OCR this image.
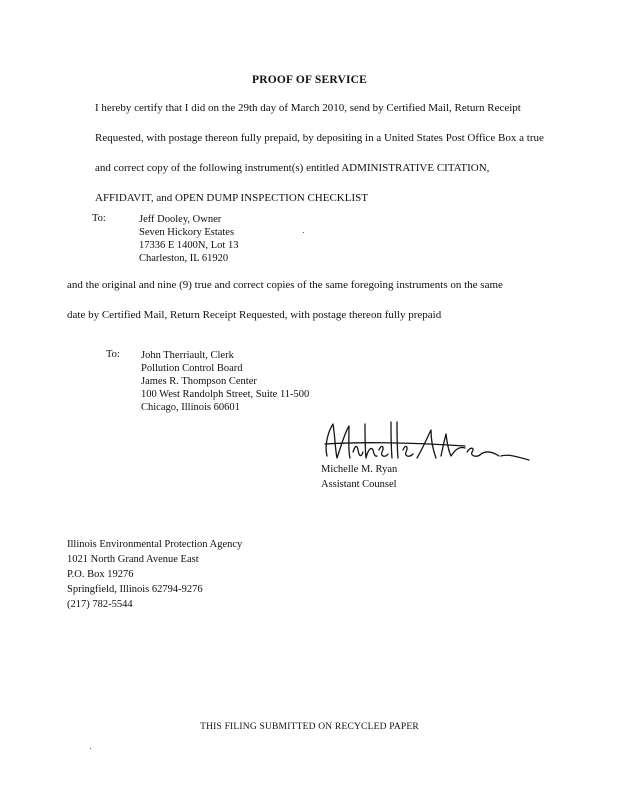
PROOF OF SERVICE
I hereby certify that I did on the 29th day of March 2010, send by Certified Mail, Return Receipt
Requested, with postage thereon fully prepaid, by depositing in a United States Post Office Box a true
and correct copy of the following instrument(s) entitled ADMINISTRATIVE CITATION,
AFFIDAVIT, and OPEN DUMP INSPECTION CHECKLIST
To:	Jeff Dooley, Owner
Seven Hickory Estates
17336 E 1400N, Lot 13
Charleston, IL 61920
and the original and nine (9) true and correct copies of the same foregoing instruments on the same
date by Certified Mail, Return Receipt Requested, with postage thereon fully prepaid
To: John Therriault, Clerk
Pollution Control Board
James R. Thompson Center
100 West Randolph Street, Suite 11-500
Chicago, Illinois 60601
Michelle M. Ryan
Assistant Counsel
Illinois Environmental Protection Agency
1021 North Grand Avenue East
P.O. Box 19276
Springfield, Illinois 62794-9276
(217) 782-5544
THIS FILING SUBMITTED ON RECYCLED PAPER
